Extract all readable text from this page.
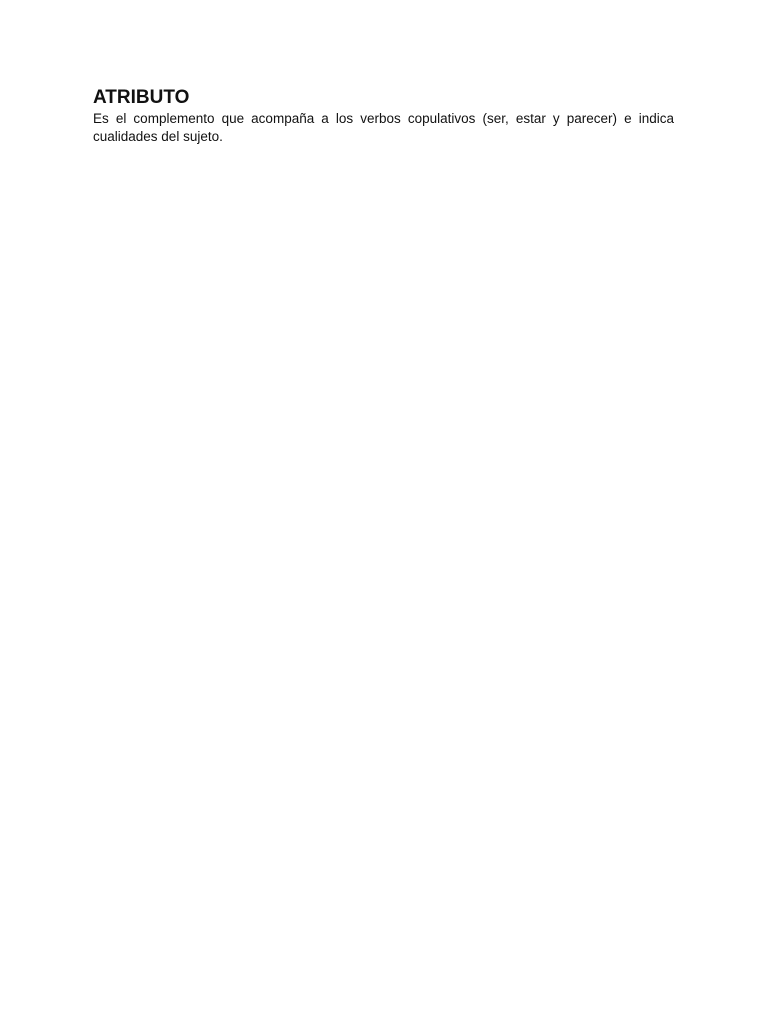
ATRIBUTO

Es el complemento que acompaña a los verbos copulativos (ser, estar y parecer) e indica cualidades del sujeto.
